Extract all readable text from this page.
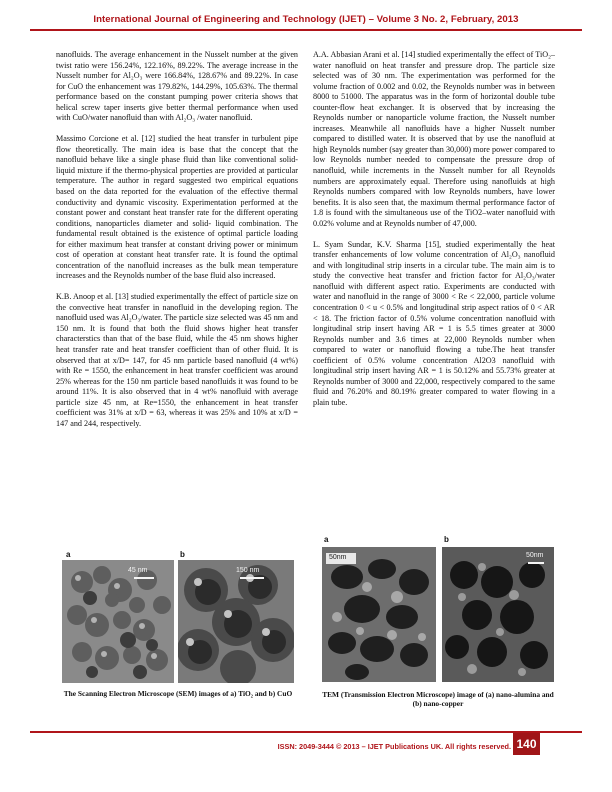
International Journal of Engineering and Technology (IJET) – Volume 3 No. 2, February, 2013

nanofluids. The average enhancement in the Nusselt number at the given twist ratio were 156.24%, 122.16%, 89.22%. The average increase in the Nusselt number for Al₂O₃ were 166.84%, 128.67% and 89.22%. In case for CuO the enhancement was 179.82%, 144.29%, 105.63%. The thermal performance based on the constant pumping power criteria shows that helical screw taper inserts give better thermal performance when used with CuO/water nanofluid than with Al₂O₃ /water nanofluid.

Massimo Corcione et al. [12] studied the heat transfer in turbulent pipe flow theoretically. The main idea is base that the concept that the nanofluid behave like a single phase fluid than like conventional solid-liquid mixture if the thermo-physical properties are provided at particular temperature. The author in regard suggested two empirical equations based on the data reported for the evaluation of the effective thermal conductivity and dynamic viscosity. Experimentation performed at the constant power and constant heat transfer rate for the different operating conditions, nanoparticles diameter and solid- liquid combination. The fundamental result obtained is the existence of optimal particle loading for either maximum heat transfer at constant driving power or minimum cost of operation at constant heat transfer rate. It is found the optimal concentration of the nanofluid increases as the bulk mean temperature increases and the Reynolds number of the base fluid also increased.

K.B. Anoop et al. [13] studied experimentally the effect of particle size on the convective heat transfer in nanofluid in the developing region. The nanofluid used was Al₂O₃/water. The particle size selected was 45 nm and 150 nm. It is found that both the fluid shows higher heat transfer characterstics than that of the base fluid, while the 45 nm shows higher heat transfer rate and heat transfer coefficient than of other fluid. It is observed that at x/D= 147, for 45 nm particle based nanofluid (4 wt%) with Re = 1550, the enhancement in heat transfer coefficient was around 25% whereas for the 150 nm particle based nanofluids it was found to be around 11%. It is also observed that in 4 wt% nanofluid with average particle size 45 nm, at Re=1550, the enhancement in heat transfer coefficient was 31% at x/D = 63, whereas it was 25% and 10% at x/D = 147 and 244, respectively.

A.A. Abbasian Arani et al. [14] studied experimentally the effect of TiO₂–water nanofluid on heat transfer and pressure drop. The particle size selected was of 30 nm. The experimentation was performed for the volume fraction of 0.002 and 0.02, the Reynolds number was in between 8000 to 51000. The apparatus was in the form of horizontal double tube counter-flow heat exchanger. It is observed that by increasing the Reynolds number or nanoparticle volume fraction, the Nusselt number increases. Meanwhile all nanofluids have a higher Nusselt number compared to distilled water. It is observed that by use the nanofluid at high Reynolds number (say greater than 30,000) more power compared to low Reynolds number needed to compensate the pressure drop of nanofluid, while increments in the Nusselt number for all Reynolds numbers are approximately equal. Therefore using nanofluids at high Reynolds numbers compared with low Reynolds numbers, have lower benefits. It is also seen that, the maximum thermal performance factor of 1.8 is found with the simultaneous use of the TiO2–water nanofluid with 0.02% volume and at Reynolds number of 47,000.

L. Syam Sundar, K.V. Sharma [15], studied experimentally the heat transfer enhancements of low volume concentration of Al₂O₃ nanofluid and with longitudinal strip inserts in a circular tube. The main aim is to study the convective heat transfer and friction factor for Al₂O₃/water nanofluid with different aspect ratio. Experiments are conducted with water and nanofluid in the range of 3000 < Re < 22,000, particle volume concentration 0 < u < 0.5% and longitudinal strip aspect ratios of 0 < AR < 18. The friction factor of 0.5% volume concentration nanofluid with longitudinal strip insert having AR = 1 is 5.5 times greater at 3000 Reynolds number and 3.6 times at 22,000 Reynolds number when compared to water or nanofluid flowing a tube.The heat transfer coefficient of 0.5% volume concentration Al2O3 nanofluid with longitudinal strip insert having AR = 1 is 50.12% and 55.73% greater at Reynolds number of 3000 and 22,000, respectively compared to the same fluid and 76.20% and 80.19% greater compared to water flowing in a plain tube.

a	b
45 nm	150 nm
The Scanning Electron Microscope (SEM) images of a) TiO₂ and b) CuO
a	b
50nm	50nm
TEM (Transmission Electron Microscope) image of (a) nano-alumina and (b) nano-copper
ISSN: 2049-3444 © 2013 – IJET Publications UK. All rights reserved. 140
